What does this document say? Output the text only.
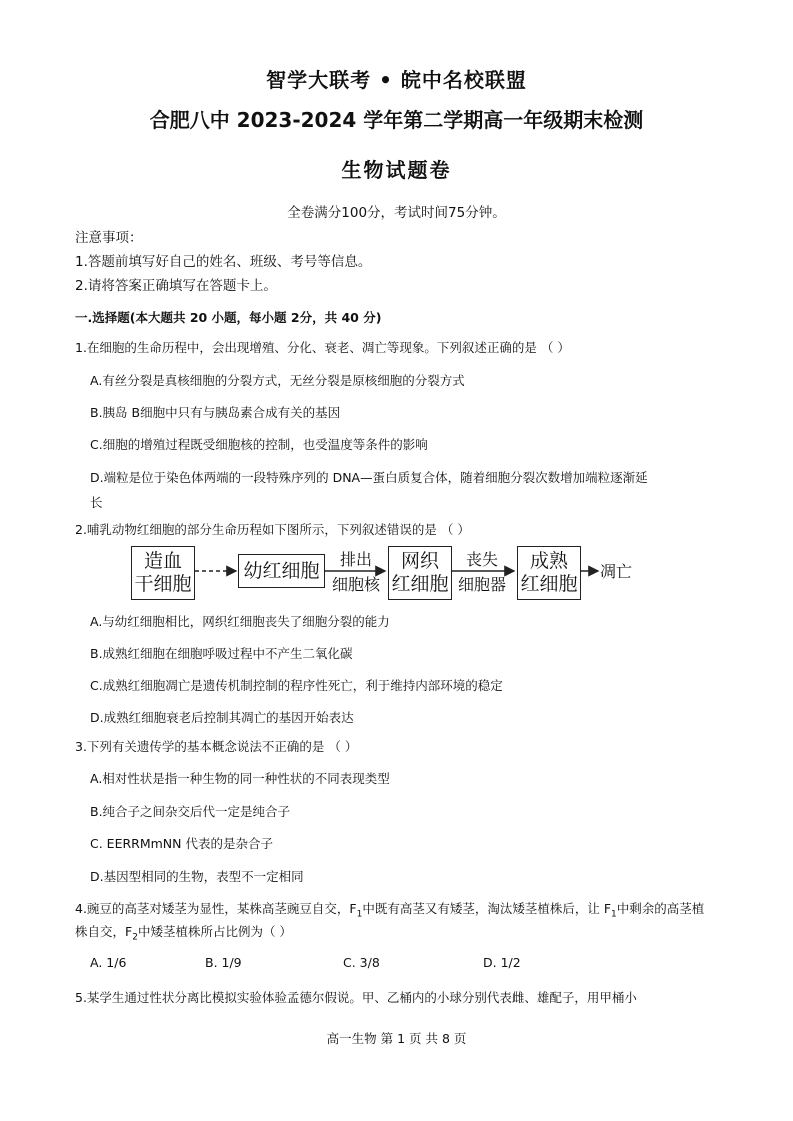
智学大联考 • 皖中名校联盟
合肥八中 2023-2024 学年第二学期高一年级期末检测
生物试题卷
全卷满分100分，考试时间75分钟。
注意事项：
1.答题前填写好自己的姓名、班级、考号等信息。
2.请将答案正确填写在答题卡上。
一.选择题(本大题共 20 小题，每小题 2分，共 40 分)
1.在细胞的生命历程中，会出现增殖、分化、衰老、凋亡等现象。下列叙述正确的是 （ ）
A.有丝分裂是真核细胞的分裂方式，无丝分裂是原核细胞的分裂方式
B.胰岛 B细胞中只有与胰岛素合成有关的基因
C.细胞的增殖过程既受细胞核的控制，也受温度等条件的影响
D.端粒是位于染色体两端的一段特殊序列的 DNA—蛋白质复合体，随着细胞分裂次数增加端粒逐渐延
长
2.哺乳动物红细胞的部分生命历程如下图所示，下列叙述错误的是 （ ）
造血
干细胞
幼红细胞	排出
细胞核
网织
红细胞
丧失
细胞器
成熟
红细胞
凋亡
A.与幼红细胞相比，网织红细胞丧失了细胞分裂的能力
B.成熟红细胞在细胞呼吸过程中不产生二氧化碳
C.成熟红细胞凋亡是遗传机制控制的程序性死亡，利于维持内部环境的稳定
D.成熟红细胞衰老后控制其凋亡的基因开始表达
3.下列有关遗传学的基本概念说法不正确的是 （ ）
A.相对性状是指一种生物的同一种性状的不同表现类型
B.纯合子之间杂交后代一定是纯合子
C. EERRMmNN 代表的是杂合子
D.基因型相同的生物，表型不一定相同
4.豌豆的高茎对矮茎为显性，某株高茎豌豆自交，$F_1$中既有高茎又有矮茎，淘汰矮茎植株后，让 $F_1$中剩余的高茎植
株自交，$F_2$中矮茎植株所占比例为（ ）
A. 1/6	B. 1/9	C. 3/8	D. 1/2
5.某学生通过性状分离比模拟实验体验孟德尔假说。甲、乙桶内的小球分别代表雌、雄配子，用甲桶小
高一生物 第 1 页 共 8 页
